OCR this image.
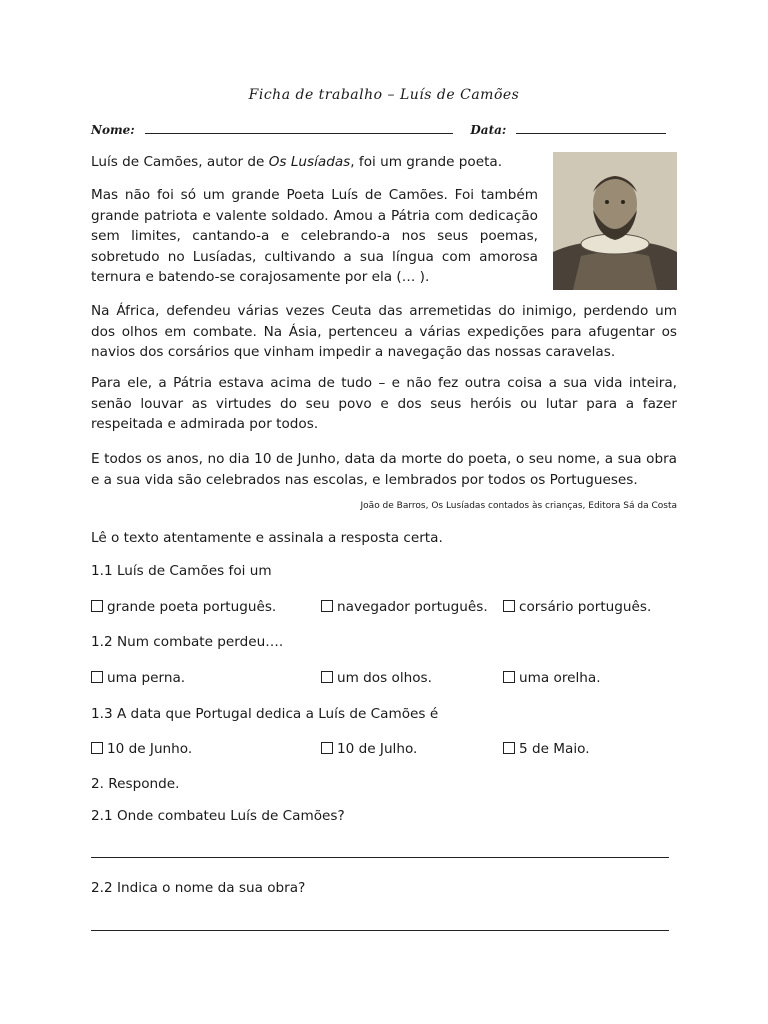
Ficha de trabalho – Luís de Camões
Nome:	Data:
Luís de Camões, autor de Os Lusíadas, foi um grande poeta.
Mas não foi só um grande Poeta Luís de Camões. Foi também grande patriota e valente soldado. Amou a Pátria com dedicação sem limites, cantando-a e celebrando-a nos seus poemas, sobretudo no Lusíadas, cultivando a sua língua com amorosa ternura e batendo-se corajosamente por ela (… ).
Na África, defendeu várias vezes Ceuta das arremetidas do inimigo, perdendo um dos olhos em combate. Na Ásia, pertenceu a várias expedições para afugentar os navios dos corsários que vinham impedir a navegação das nossas caravelas.
Para ele, a Pátria estava acima de tudo – e não fez outra coisa a sua vida inteira, senão louvar as virtudes do seu povo e dos seus heróis ou lutar para a fazer respeitada e admirada por todos.
E todos os anos, no dia 10 de Junho, data da morte do poeta, o seu nome, a sua obra e a sua vida são celebrados nas escolas, e lembrados por todos os Portugueses.
João de Barros, Os Lusíadas contados às crianças, Editora Sá da Costa
Lê o texto atentamente e assinala a resposta certa.
1.1 Luís de Camões foi um
grande poeta português.	navegador português.	corsário português.
1.2 Num combate perdeu….
uma perna.	um dos olhos.	uma orelha.
1.3 A data que Portugal dedica a Luís de Camões é
10 de Junho.	10 de Julho.	5 de Maio.
2. Responde.
2.1 Onde combateu Luís de Camões?
2.2 Indica o nome da sua obra?
